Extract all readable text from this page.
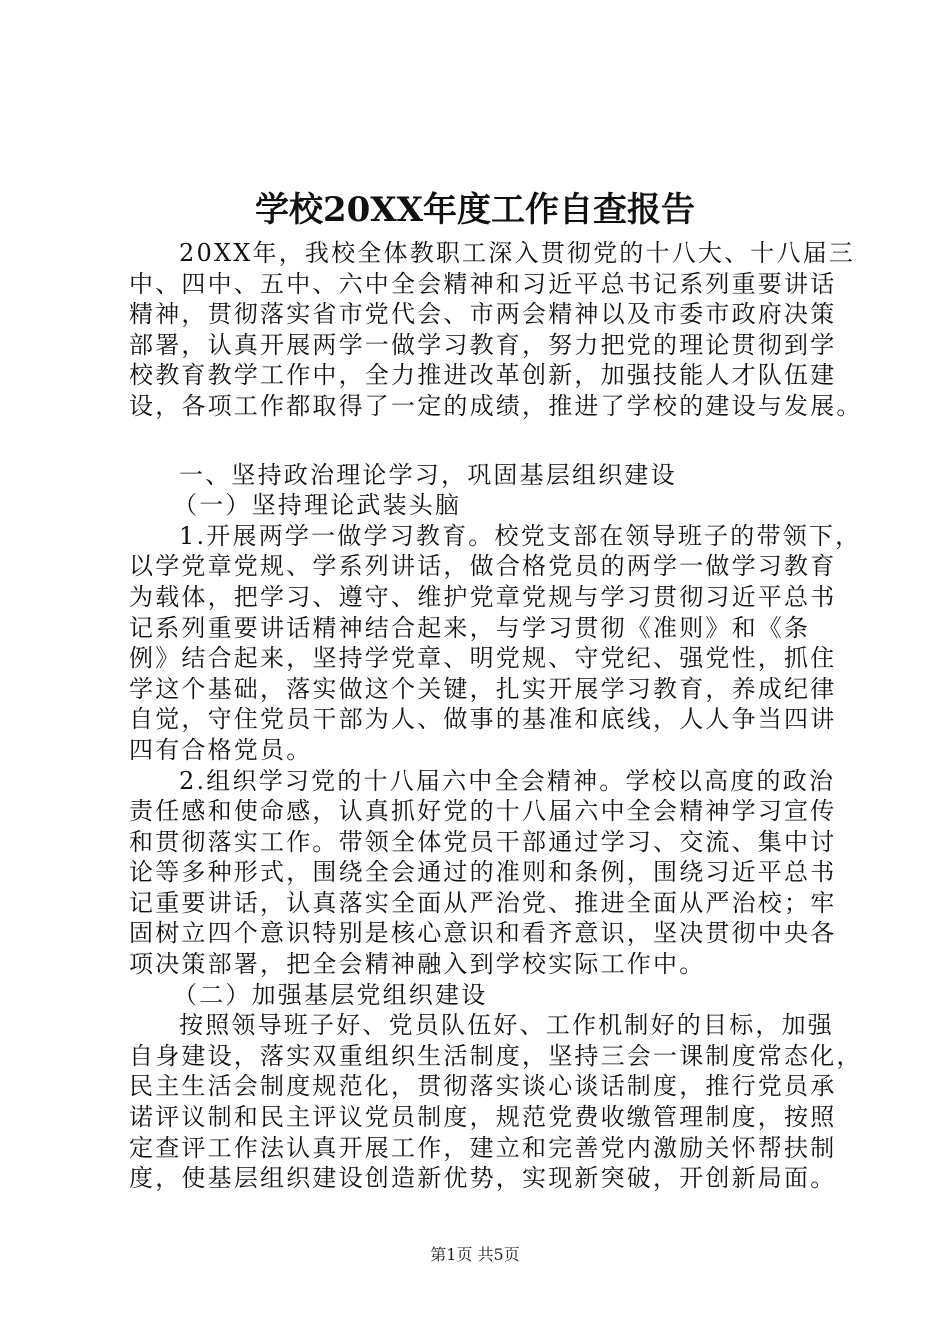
学校20XX年度工作自查报告
20XX年，我校全体教职工深入贯彻党的十八大、十八届三
中、四中、五中、六中全会精神和习近平总书记系列重要讲话
精神，贯彻落实省市党代会、市两会精神以及市委市政府决策
部署，认真开展两学一做学习教育，努力把党的理论贯彻到学
校教育教学工作中，全力推进改革创新，加强技能人才队伍建
设，各项工作都取得了一定的成绩，推进了学校的建设与发展。
一、坚持政治理论学习，巩固基层组织建设
（一）坚持理论武装头脑
1.开展两学一做学习教育。校党支部在领导班子的带领下，
以学党章党规、学系列讲话，做合格党员的两学一做学习教育
为载体，把学习、遵守、维护党章党规与学习贯彻习近平总书
记系列重要讲话精神结合起来，与学习贯彻《准则》和《条
例》结合起来，坚持学党章、明党规、守党纪、强党性，抓住
学这个基础，落实做这个关键，扎实开展学习教育，养成纪律
自觉，守住党员干部为人、做事的基准和底线，人人争当四讲
四有合格党员。
2.组织学习党的十八届六中全会精神。学校以高度的政治
责任感和使命感，认真抓好党的十八届六中全会精神学习宣传
和贯彻落实工作。带领全体党员干部通过学习、交流、集中讨
论等多种形式，围绕全会通过的准则和条例，围绕习近平总书
记重要讲话，认真落实全面从严治党、推进全面从严治校；牢
固树立四个意识特别是核心意识和看齐意识，坚决贯彻中央各
项决策部署，把全会精神融入到学校实际工作中。
（二）加强基层党组织建设
按照领导班子好、党员队伍好、工作机制好的目标，加强
自身建设，落实双重组织生活制度，坚持三会一课制度常态化，
民主生活会制度规范化，贯彻落实谈心谈话制度，推行党员承
诺评议制和民主评议党员制度，规范党费收缴管理制度，按照
定查评工作法认真开展工作，建立和完善党内激励关怀帮扶制
度，使基层组织建设创造新优势，实现新突破，开创新局面。
第1页 共5页
